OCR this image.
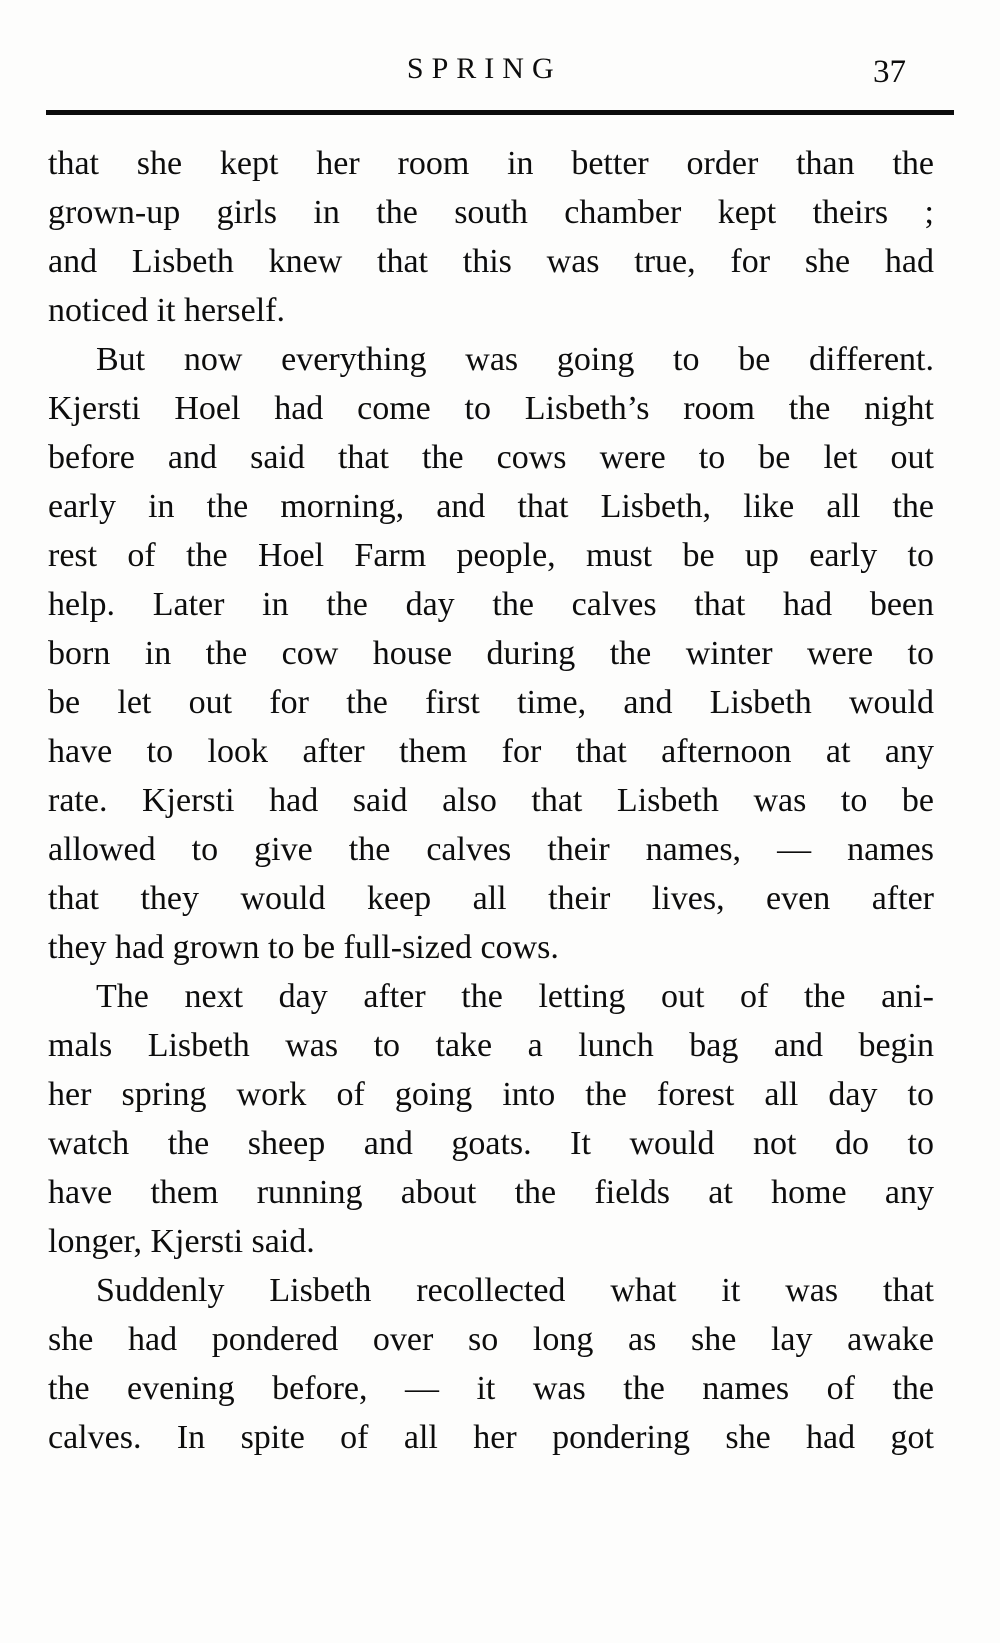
SPRING	37
that she kept her room in better order than the
grown-up girls in the south chamber kept theirs ;
and Lisbeth knew that this was true, for she had
noticed it herself.
But now everything was going to be different.
Kjersti Hoel had come to Lisbeth’s room the night
before and said that the cows were to be let out
early in the morning, and that Lisbeth, like all the
rest of the Hoel Farm people, must be up early to
help. Later in the day the calves that had been
born in the cow house during the winter were to
be let out for the first time, and Lisbeth would
have to look after them for that afternoon at any
rate. Kjersti had said also that Lisbeth was to be
allowed to give the calves their names, — names
that they would keep all their lives, even after
they had grown to be full-sized cows.
The next day after the letting out of the ani-
mals Lisbeth was to take a lunch bag and begin
her spring work of going into the forest all day to
watch the sheep and goats. It would not do to
have them running about the fields at home any
longer, Kjersti said.
Suddenly Lisbeth recollected what it was that
she had pondered over so long as she lay awake
the evening before, — it was the names of the
calves. In spite of all her pondering she had got
